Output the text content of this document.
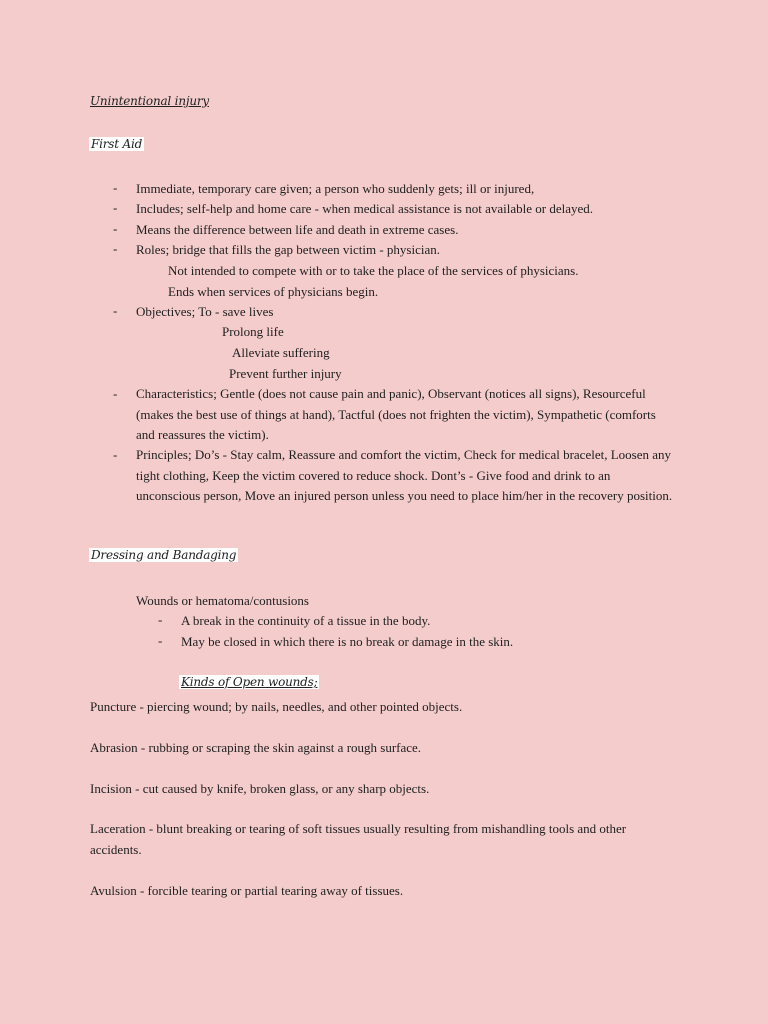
Unintentional injury
First Aid
- Immediate, temporary care given; a person who suddenly gets; ill or injured,
- Includes; self-help and home care - when medical assistance is not available or delayed.
- Means the difference between life and death in extreme cases.
- Roles; bridge that fills the gap between victim - physician.
Not intended to compete with or to take the place of the services of physicians.
Ends when services of physicians begin.
- Objectives; To - save lives
Prolong life
Alleviate suffering
Prevent further injury
- Characteristics; Gentle (does not cause pain and panic), Observant (notices all signs), Resourceful (makes the best use of things at hand), Tactful (does not frighten the victim), Sympathetic (comforts and reassures the victim).
- Principles; Do’s - Stay calm, Reassure and comfort the victim, Check for medical bracelet, Loosen any tight clothing, Keep the victim covered to reduce shock. Dont’s - Give food and drink to an unconscious person, Move an injured person unless you need to place him/her in the recovery position.
Dressing and Bandaging
Wounds or hematoma/contusions
- A break in the continuity of a tissue in the body.
- May be closed in which there is no break or damage in the skin.
Kinds of Open wounds;
Puncture - piercing wound; by nails, needles, and other pointed objects.
Abrasion - rubbing or scraping the skin against a rough surface.
Incision - cut caused by knife, broken glass, or any sharp objects.
Laceration - blunt breaking or tearing of soft tissues usually resulting from mishandling tools and other accidents.
Avulsion - forcible tearing or partial tearing away of tissues.
